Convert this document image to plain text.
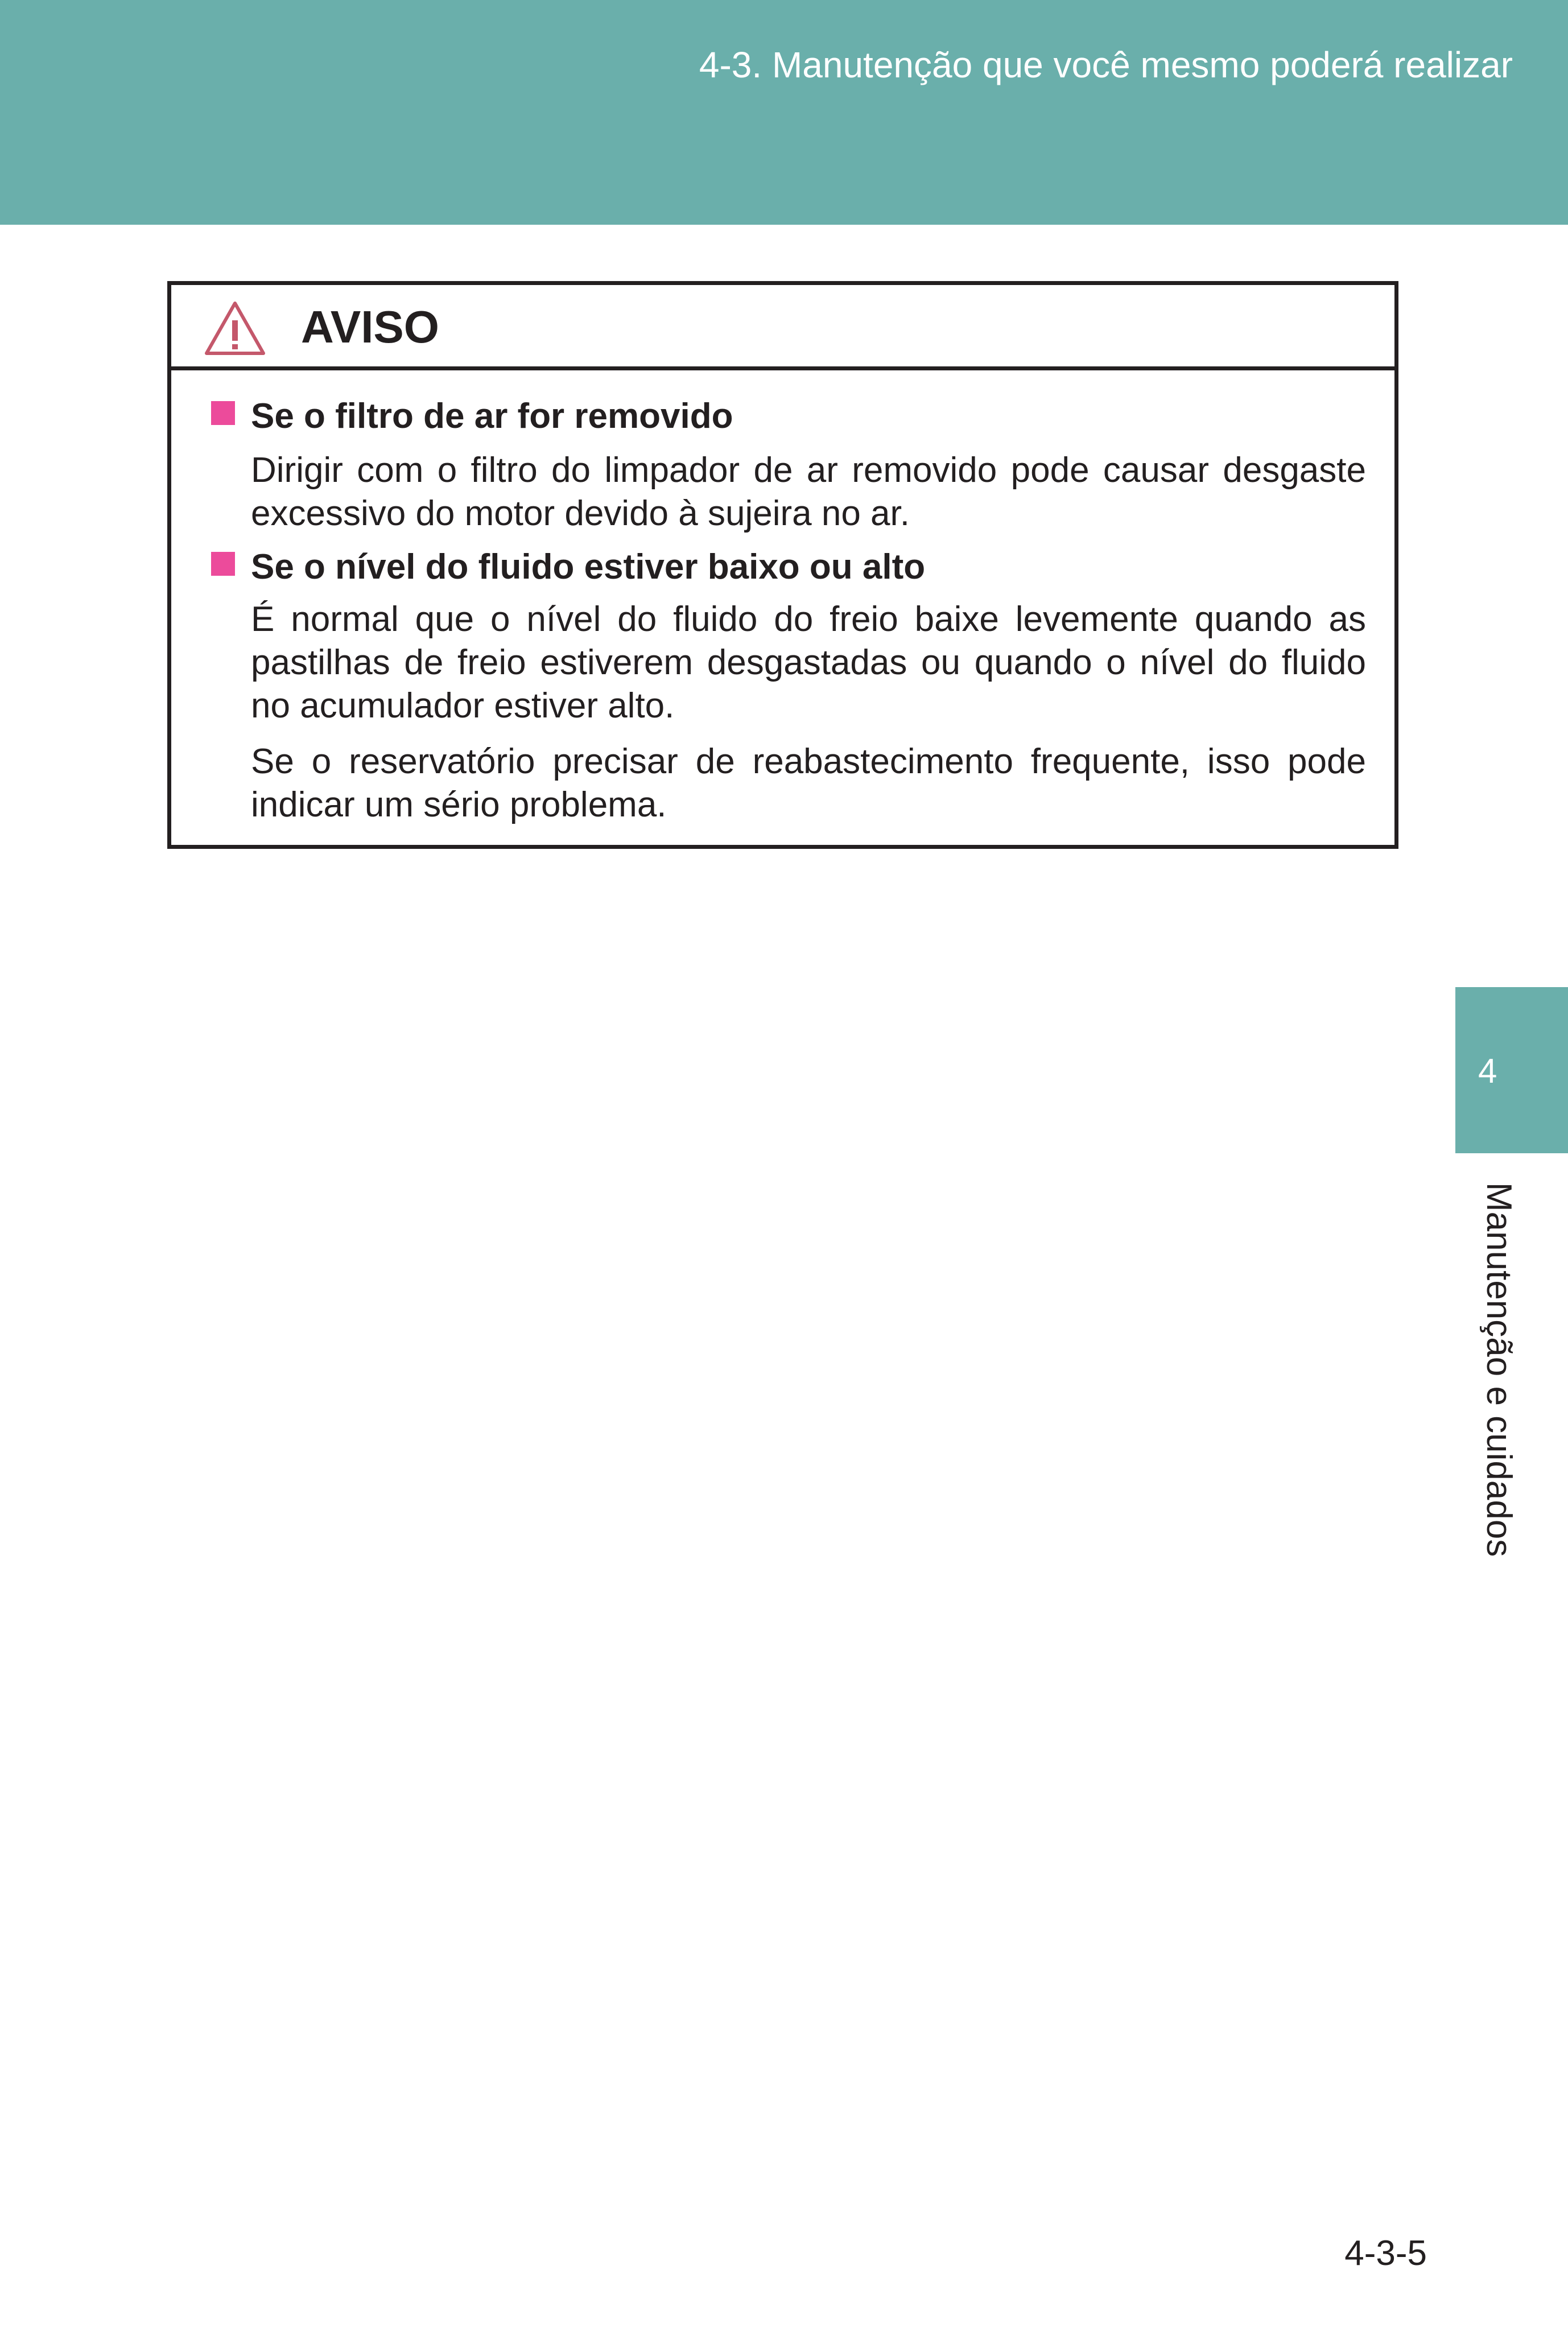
4-3. Manutenção que você mesmo poderá realizar
AVISO
Se o filtro de ar for removido
Dirigir com o filtro do limpador de ar removido pode causar desgaste excessivo do motor devido à sujeira no ar.
Se o nível do fluido estiver baixo ou alto
É normal que o nível do fluido do freio baixe levemente quando as pastilhas de freio estiverem desgastadas ou quando o nível do fluido no acumulador estiver alto.
Se o reservatório precisar de reabastecimento frequente, isso pode indicar um sério problema.
4
Manutenção e cuidados
4-3-5
